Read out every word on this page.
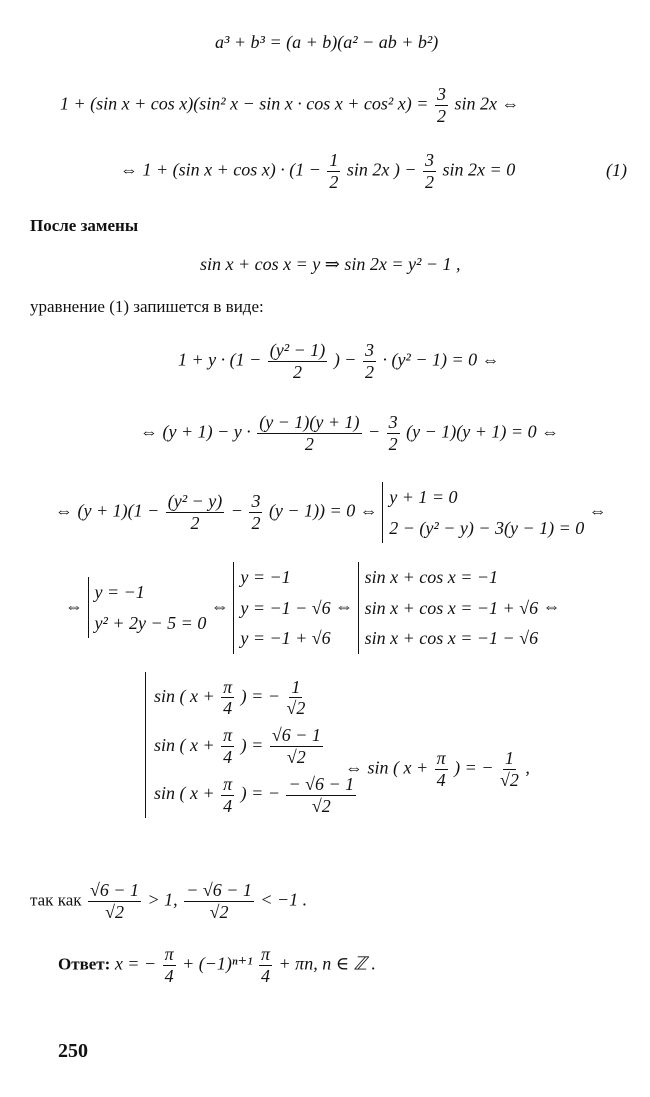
a³ + b³ = (a + b)(a² − ab + b²)
1 + (sin x + cos x)(sin² x − sin x · cos x + cos² $x) = \frac{3}{2}$ sin 2x ⇔
⇔ 1 + (sin $x + \cos x) \cdot (1 - \frac{1}{2}$ sin 2x ) − $\frac{3}{2}$ sin 2x = 0	(1)
После замены
sin x + cos x = y ⇒ sin 2x = y² − 1 ,
уравнение (1) запишется в виде:
$1 + y \cdot (1 - \frac{\text{(y² − 1)}}{2}$ ) − $\frac{3}{2} \cdot (y^2 - 1) = 0$ ⇔
⇔ $(y + 1) - y \cdot \frac{(y - 1)(y + 1)}{2} - \frac{3}{2} (y - 1)(y + 1) = 0$ ⇔
⇔ $(y + 1)(1 - \frac{\text{(y² − y)}}{2} - \frac{3}{2} (y - 1)) = 0$ ⇔
y + 1 = 0
2 − (y² − y) − 3(y − 1) = 0
⇔
⇔
y = −1
y² + 2y − 5 = 0
⇔
y = −1
y = −1 − √6
y = −1 + √6
⇔
sin x + cos x = −1
sin x + cos x = −1 + √6
sin x + cos x = −1 − √6
⇔
sin ( $x + \frac{\pi}{4}$ ) = − $\frac{1}{√2}$
sin ( $x + \frac{\pi}{4}$ ) = $\frac{√6 - 1}{√2}$
sin ( $x + \frac{\pi}{4}$ ) = − $\frac{- √6 - 1}{√2}$
⇔ sin ( $x + \frac{\pi}{4}$ ) = − $\frac{1}{√2}$ ,
так как $\frac{√6 - 1}{√2} > 1$, $\frac{- √6 - 1}{√2} < -1$ .
Ответ: x = − $\frac{\pi}{4} + (-1)^{n+1} \frac{\pi}{4} + \pi n$, n ∈ ℤ .
250
